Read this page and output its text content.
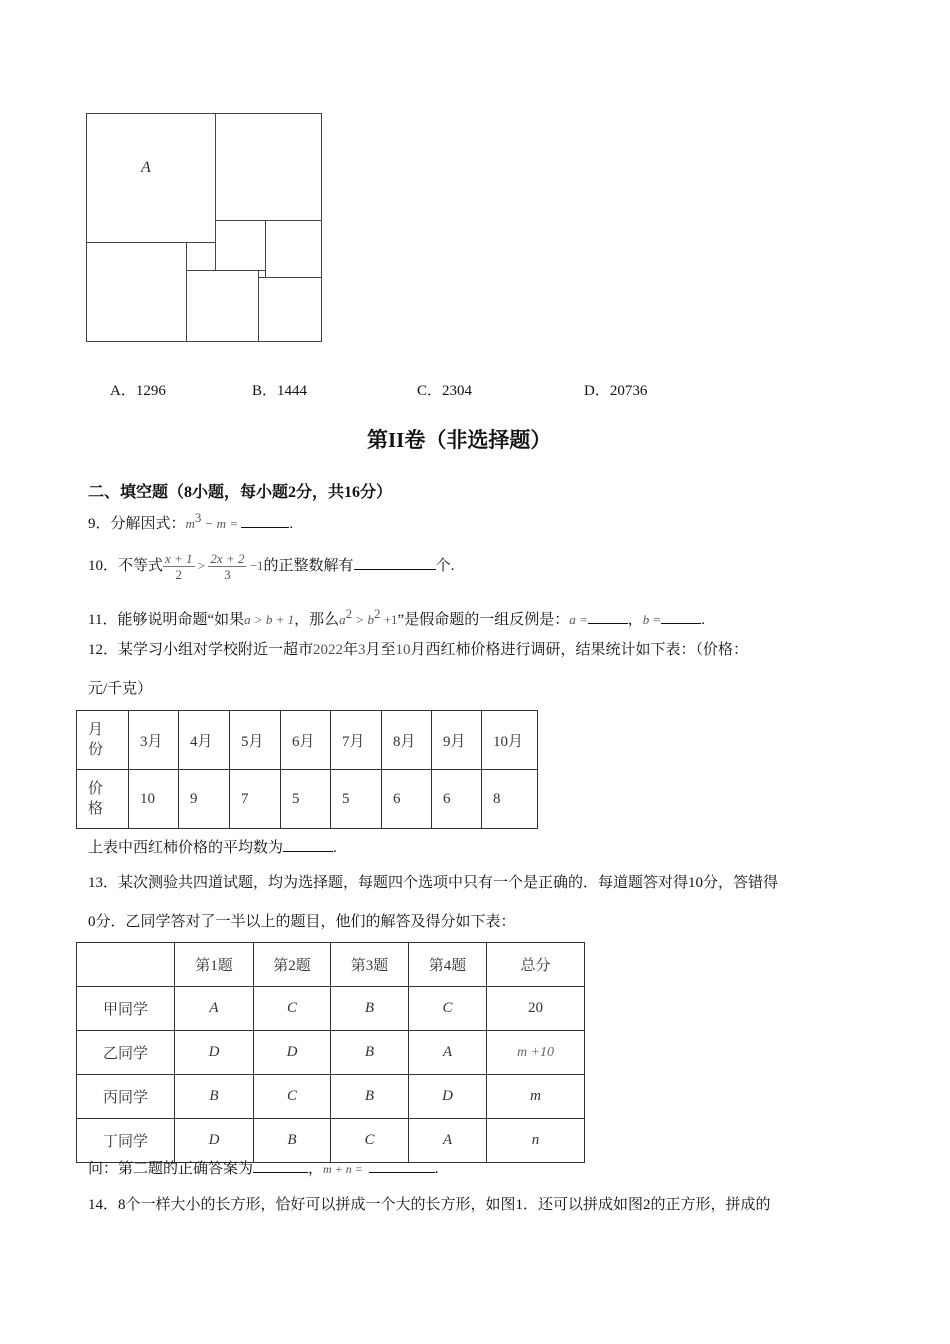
A
A．1296	B．1444	C．2304	D．20736
第II卷（非选择题）
二、填空题（8小题，每小题2分，共16分）
9．分解因式：$m^3 - m$ =	.
10．不等式 $\frac{x + 1}{2} > \frac{2x + 2}{3} -1$的正整数解有	个.
11．能够说明命题“如果a > b + 1，那么$a^2 > b^2 +1$”是假命题的一组反例是：a =	，b =	.
12．某学习小组对学校附近一超市2022年3月至10月西红柿价格进行调研，结果统计如下表：（价格：
元/千克）
月
份	3月	4月	5月	6月	7月	8月	9月	10月
价
格	10	9	7	5	5	6	6	8
上表中西红柿价格的平均数为	.
13．某次测验共四道试题，均为选择题，每题四个选项中只有一个是正确的．每道题答对得10分，答错得
0分．乙同学答对了一半以上的题目，他们的解答及得分如下表：
	第1题	第2题	第3题	第4题	总分
甲同学	A	C	B	C	20
乙同学	D	D	B	A	m +10
丙同学	B	C	B	D	m
丁同学	D	B	C	A	n
问：第二题的正确答案为	，m + n =	.
14．8个一样大小的长方形，恰好可以拼成一个大的长方形，如图1．还可以拼成如图2的正方形，拼成的
